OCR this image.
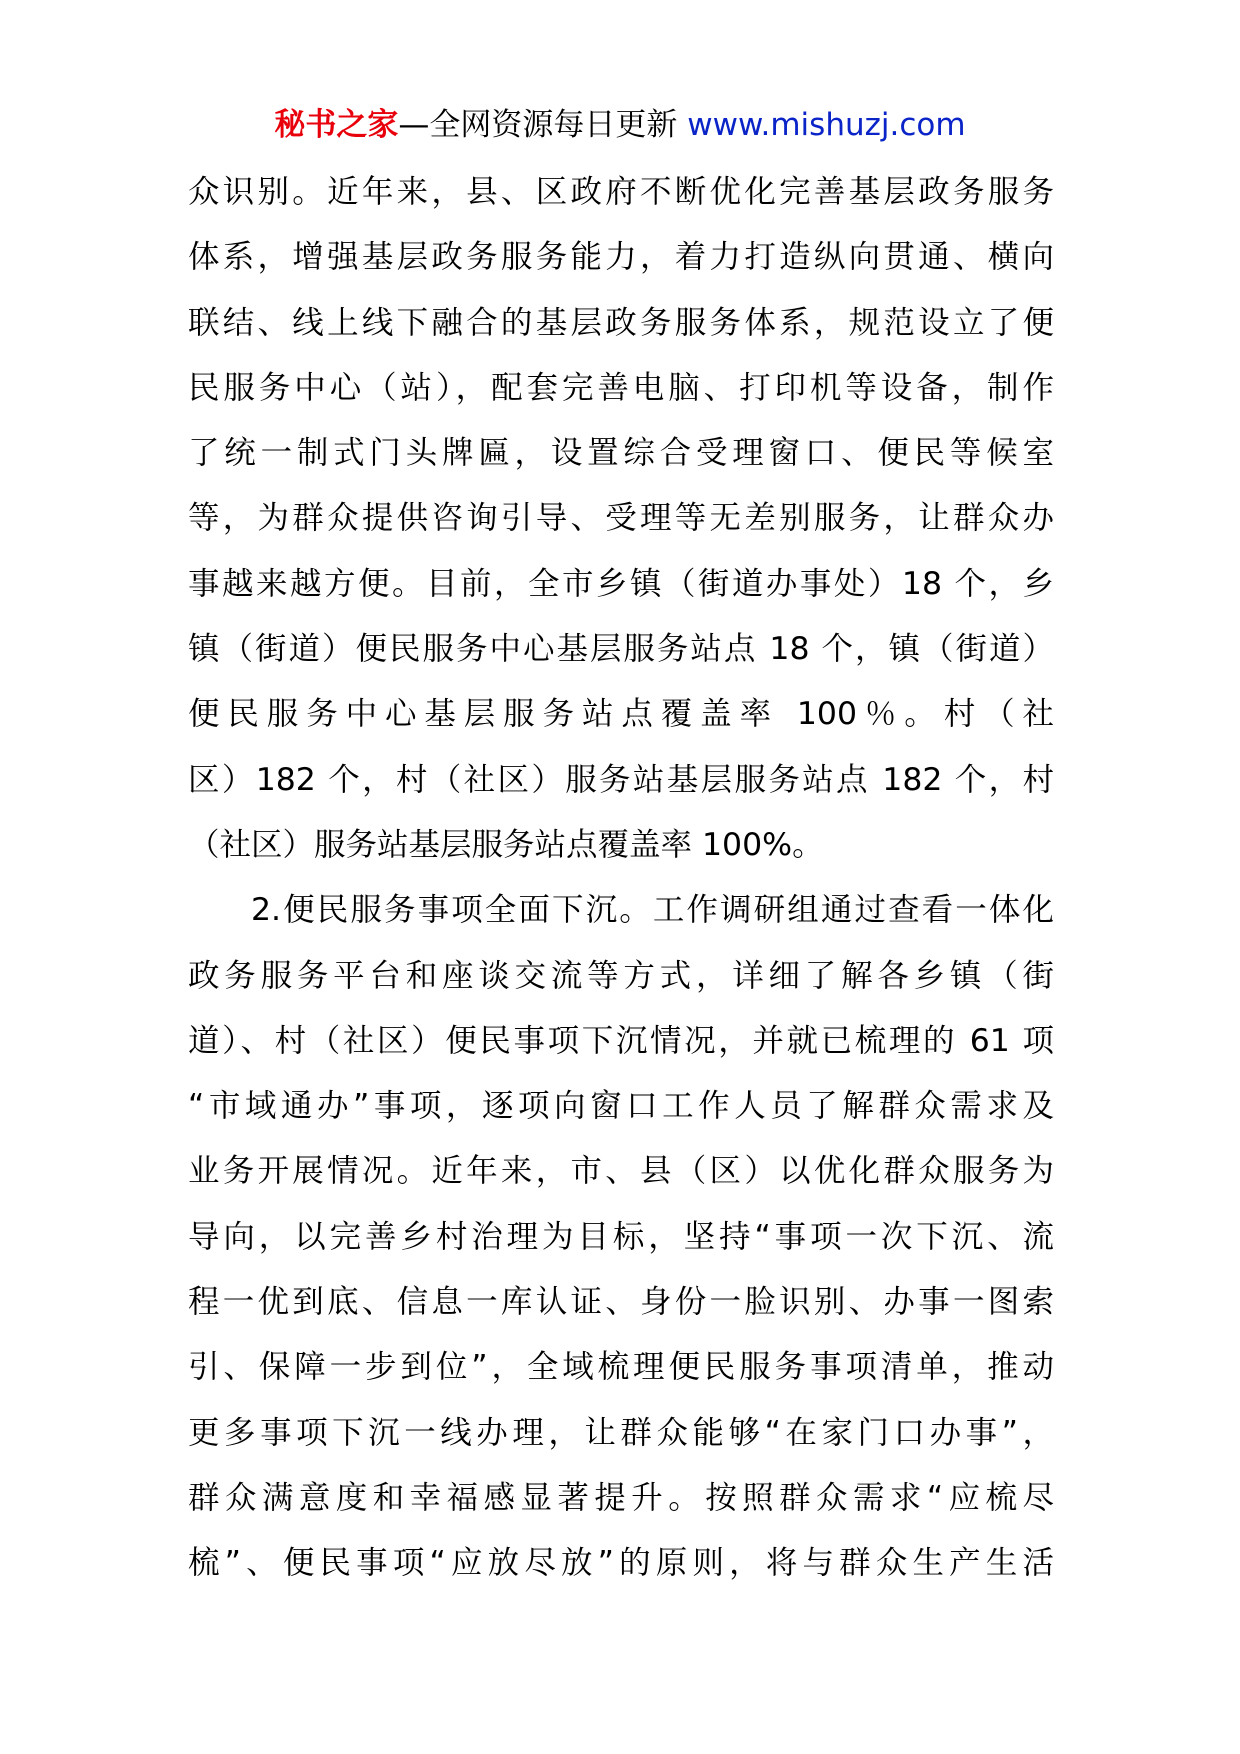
秘书之家—全网资源每日更新 www.mishuzj.com
众识别。近年来，县、区政府不断优化完善基层政务服务
体系，增强基层政务服务能力，着力打造纵向贯通、横向
联结、线上线下融合的基层政务服务体系，规范设立了便
民服务中心（站），配套完善电脑、打印机等设备，制作
了统一制式门头牌匾，设置综合受理窗口、便民等候室
等，为群众提供咨询引导、受理等无差别服务，让群众办
事越来越方便。目前，全市乡镇（街道办事处）18 个，乡
镇（街道）便民服务中心基层服务站点 18 个，镇（街道）
便民服务中心基层服务站点覆盖率 100％。村（社
区）182 个，村（社区）服务站基层服务站点 182 个，村
（社区）服务站基层服务站点覆盖率 100%。
2.便民服务事项全面下沉。工作调研组通过查看一体化
政务服务平台和座谈交流等方式，详细了解各乡镇（街
道）、村（社区）便民事项下沉情况，并就已梳理的 61 项
“市域通办”事项，逐项向窗口工作人员了解群众需求及
业务开展情况。近年来，市、县（区）以优化群众服务为
导向，以完善乡村治理为目标，坚持“事项一次下沉、流
程一优到底、信息一库认证、身份一脸识别、办事一图索
引、保障一步到位”，全域梳理便民服务事项清单，推动
更多事项下沉一线办理，让群众能够“在家门口办事”，
群众满意度和幸福感显著提升。按照群众需求“应梳尽
梳”、便民事项“应放尽放”的原则，将与群众生产生活
